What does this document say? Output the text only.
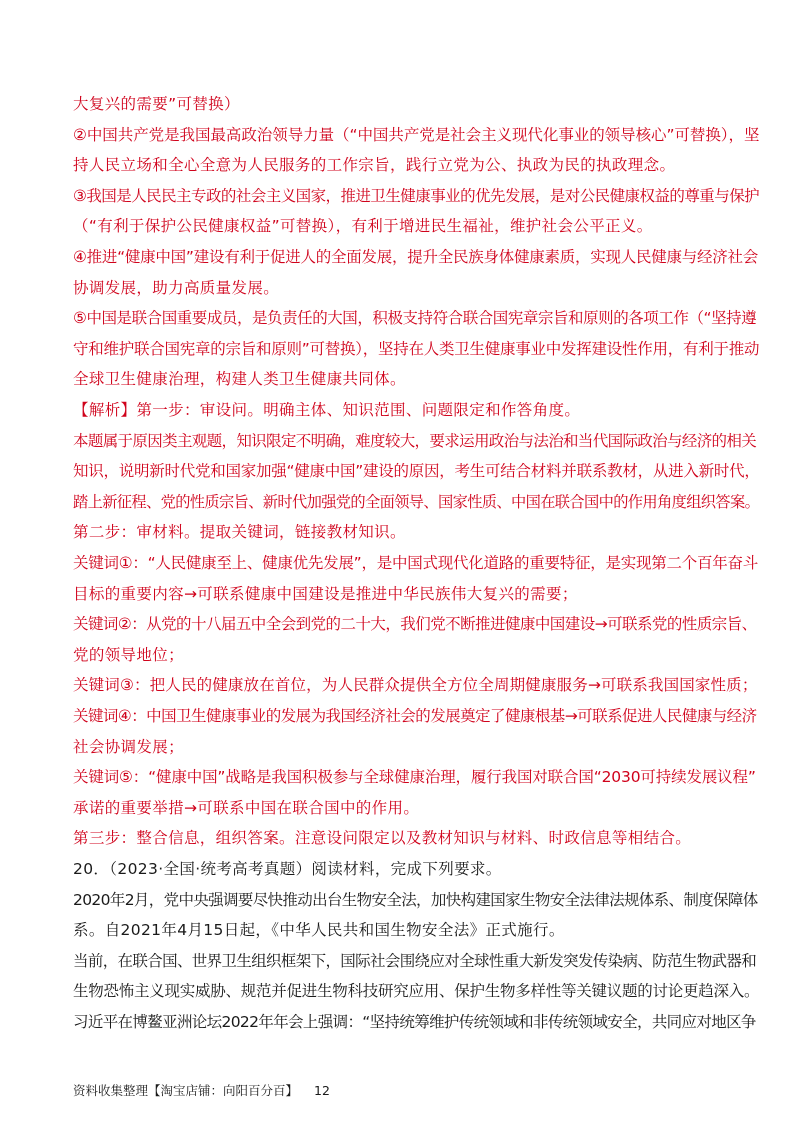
大复兴的需要”可替换）
②中国共产党是我国最高政治领导力量（“中国共产党是社会主义现代化事业的领导核心”可替换），坚
持人民立场和全心全意为人民服务的工作宗旨，践行立党为公、执政为民的执政理念。
③我国是人民民主专政的社会主义国家，推进卫生健康事业的优先发展，是对公民健康权益的尊重与保护
（“有利于保护公民健康权益”可替换），有利于增进民生福祉，维护社会公平正义。
④推进“健康中国”建设有利于促进人的全面发展，提升全民族身体健康素质，实现人民健康与经济社会
协调发展，助力高质量发展。
⑤中国是联合国重要成员，是负责任的大国，积极支持符合联合国宪章宗旨和原则的各项工作（“坚持遵
守和维护联合国宪章的宗旨和原则”可替换），坚持在人类卫生健康事业中发挥建设性作用，有利于推动
全球卫生健康治理，构建人类卫生健康共同体。
【解析】第一步：审设问。明确主体、知识范围、问题限定和作答角度。
本题属于原因类主观题，知识限定不明确，难度较大，要求运用政治与法治和当代国际政治与经济的相关
知识，说明新时代党和国家加强“健康中国”建设的原因，考生可结合材料并联系教材，从进入新时代，
踏上新征程、党的性质宗旨、新时代加强党的全面领导、国家性质、中国在联合国中的作用角度组织答案。
第二步：审材料。提取关键词，链接教材知识。
关键词①：“人民健康至上、健康优先发展”，是中国式现代化道路的重要特征，是实现第二个百年奋斗
目标的重要内容→可联系健康中国建设是推进中华民族伟大复兴的需要；
关键词②：从党的十八届五中全会到党的二十大，我们党不断推进健康中国建设→可联系党的性质宗旨、
党的领导地位；
关键词③：把人民的健康放在首位，为人民群众提供全方位全周期健康服务→可联系我国国家性质；
关键词④：中国卫生健康事业的发展为我国经济社会的发展奠定了健康根基→可联系促进人民健康与经济
社会协调发展；
关键词⑤：“健康中国”战略是我国积极参与全球健康治理，履行我国对联合国“2030可持续发展议程”
承诺的重要举措→可联系中国在联合国中的作用。
第三步：整合信息，组织答案。注意设问限定以及教材知识与材料、时政信息等相结合。
20．（2023·全国·统考高考真题）阅读材料，完成下列要求。
2020年2月，党中央强调要尽快推动出台生物安全法，加快构建国家生物安全法律法规体系、制度保障体
系。自2021年4月15日起，《中华人民共和国生物安全法》正式施行。
当前，在联合国、世界卫生组织框架下，国际社会围绕应对全球性重大新发突发传染病、防范生物武器和
生物恐怖主义现实威胁、规范并促进生物科技研究应用、保护生物多样性等关键议题的讨论更趋深入。
习近平在博鳌亚洲论坛2022年年会上强调：“坚持统筹维护传统领域和非传统领域安全，共同应对地区争
资料收集整理【淘宝店铺：向阳百分百】 12
